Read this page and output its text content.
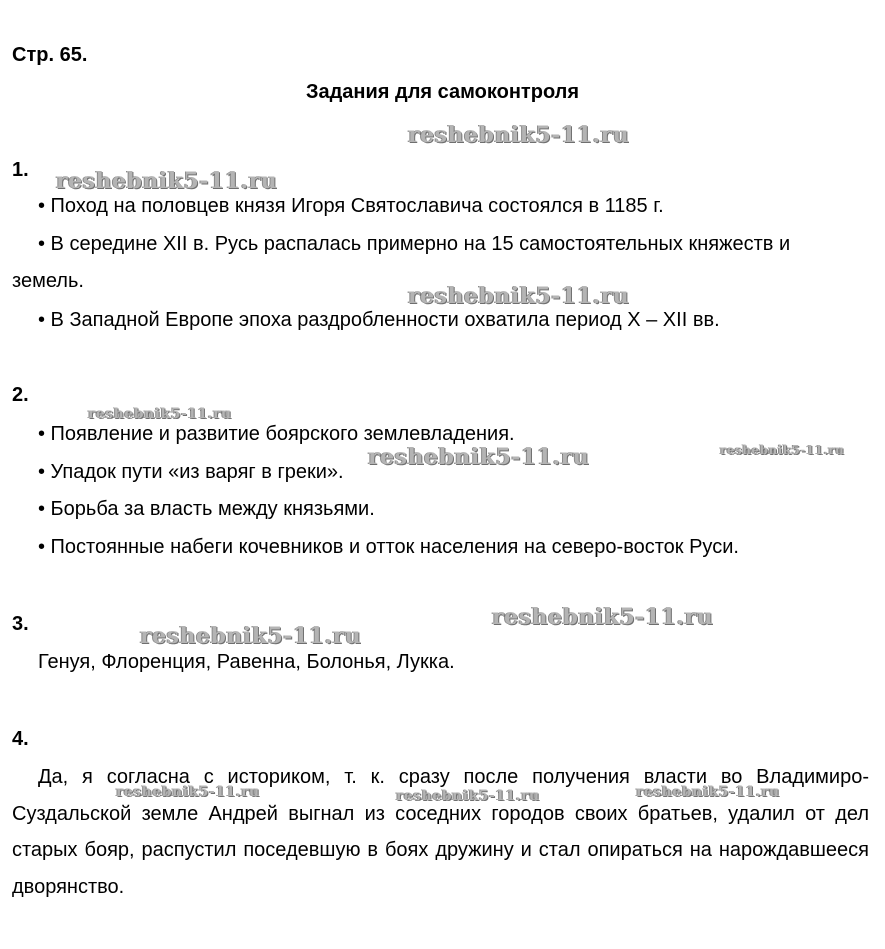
Стр. 65.
Задания для самоконтроля
1.
• Поход на половцев князя Игоря Святославича состоялся в 1185 г.
• В середине XII в. Русь распалась примерно на 15 самостоятельных княжеств и
земель.
• В Западной Европе эпоха раздробленности охватила период X – XII вв.
2.
• Появление и развитие боярского землевладения.
• Упадок пути «из варяг в греки».
• Борьба за власть между князьями.
• Постоянные набеги кочевников и отток населения на северо-восток Руси.
3.
Генуя, Флоренция, Равенна, Болонья, Лукка.
4.
Да, я согласна с историком, т. к. сразу после получения власти во Владимиро-Суздальской земле Андрей выгнал из соседних городов своих братьев, удалил от дел старых бояр, распустил поседевшую в боях дружину и стал опираться на нарождавшееся дворянство.
reshebnik5-11.ru
reshebnik5-11.ru
reshebnik5-11.ru
reshebnik5-11.ru
reshebnik5-11.ru	reshebnik5-11.ru
reshebnik5-11.ru
reshebnik5-11.ru
reshebnik5-11.ru	reshebnik5-11.ru	reshebnik5-11.ru
